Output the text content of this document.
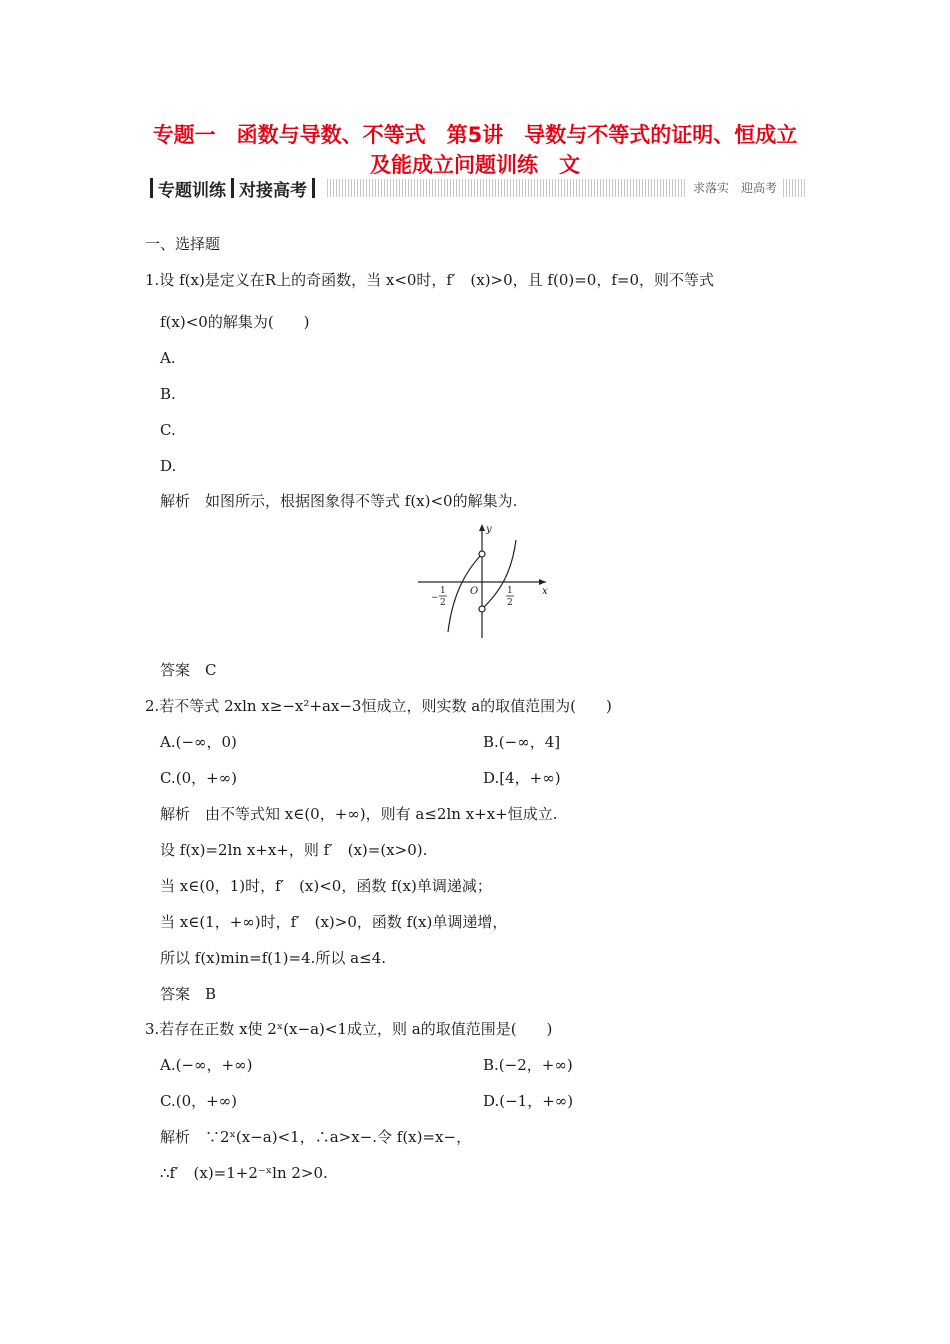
专题一　函数与导数、不等式　第5讲　导数与不等式的证明、恒成立
及能成立问题训练　文
专题训练 对接高考	求落实　迎高考
一、选择题
1.设 f(x)是定义在R上的奇函数，当 x<0时，f′　(x)>0，且 f(0)=0，f=0，则不等式
f(x)<0的解集为(　　)
A.
B.
C.
D.
解析　如图所示，根据图象得不等式 f(x)<0的解集为.
y
x
O
−
1
2
1
2
答案　C
2.若不等式 2xln x≥−x²+ax−3恒成立，则实数 a的取值范围为(　　)
A.(−∞，0)	B.(−∞，4]
C.(0，+∞)	D.[4，+∞)
解析　由不等式知 x∈(0，+∞)，则有 a≤2ln x+x+恒成立.
设 f(x)=2ln x+x+，则 f′　(x)=(x>0).
当 x∈(0，1)时，f′　(x)<0，函数 f(x)单调递减；
当 x∈(1，+∞)时，f′　(x)>0，函数 f(x)单调递增，
所以 f(x)min=f(1)=4.所以 a≤4.
答案　B
3.若存在正数 x使 2ˣ(x−a)<1成立，则 a的取值范围是(　　)
A.(−∞，+∞)	B.(−2，+∞)
C.(0，+∞)	D.(−1，+∞)
解析　∵2ˣ(x−a)<1，∴a>x−.令 f(x)=x−，
∴f′　(x)=1+2⁻ˣln 2>0.
